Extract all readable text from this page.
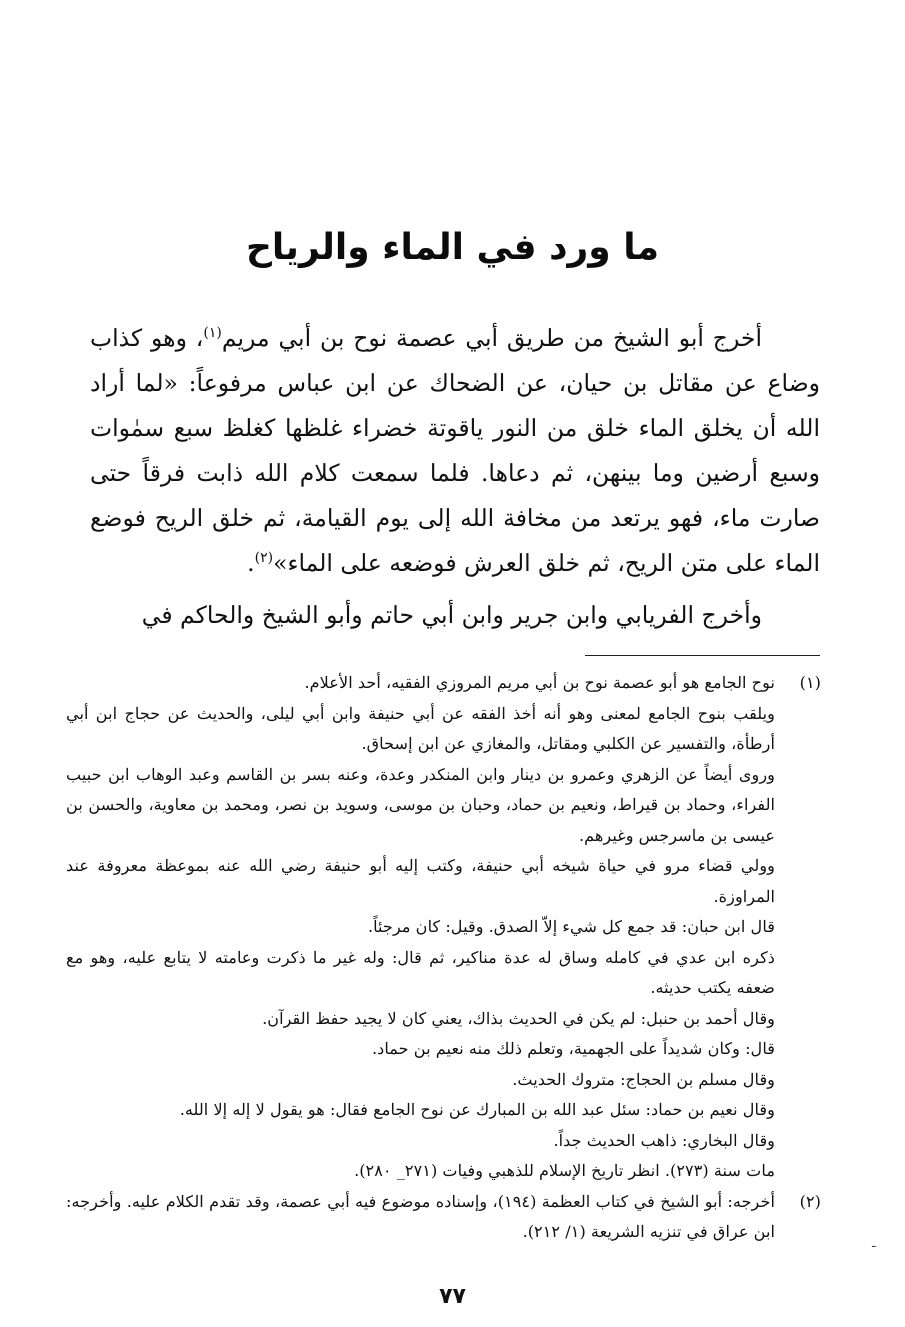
ما ورد في الماء والرياح

أخرج أبو الشيخ من طريق أبي عصمة نوح بن أبي مريم$^{(١)}$، وهو كذاب وضاع عن مقاتل بن حيان، عن الضحاك عن ابن عباس مرفوعاً: «لما أراد الله أن يخلق الماء خلق من النور ياقوتة خضراء غلظها كغلظ سبع سمٰوات وسبع أرضين وما بينهن، ثم دعاها. فلما سمعت كلام الله ذابت فرقاً حتى صارت ماء، فهو يرتعد من مخافة الله إلى يوم القيامة، ثم خلق الريح فوضع الماء على متن الريح، ثم خلق العرش فوضعه على الماء»$^{(٢)}$.

وأخرج الفريابي وابن جرير وابن أبي حاتم وأبو الشيخ والحاكم في

(١)

نوح الجامع هو أبو عصمة نوح بن أبي مريم المروزي الفقيه، أحد الأعلام.

ويلقب بنوح الجامع لمعنى وهو أنه أخذ الفقه عن أبي حنيفة وابن أبي ليلى، والحديث عن حجاج ابن أبي أرطأة، والتفسير عن الكلبي ومقاتل، والمغازي عن ابن إسحاق.

وروى أيضاً عن الزهري وعمرو بن دينار وابن المنكدر وعدة، وعنه بسر بن القاسم وعبد الوهاب ابن حبيب الفراء، وحماد بن قيراط، ونعيم بن حماد، وحبان بن موسى، وسويد بن نصر، ومحمد بن معاوية، والحسن بن عيسى بن ماسرجس وغيرهم.

وولي قضاء مرو في حياة شيخه أبي حنيفة، وكتب إليه أبو حنيفة رضي الله عنه بموعظة معروفة عند المراوزة.

قال ابن حبان: قد جمع كل شيء إلاّ الصدق. وقيل: كان مرجئاً.

ذكره ابن عدي في كامله وساق له عدة مناكير، ثم قال: وله غير ما ذكرت وعامته لا يتابع عليه، وهو مع ضعفه يكتب حديثه.

وقال أحمد بن حنبل: لم يكن في الحديث بذاك، يعني كان لا يجيد حفظ القرآن.

قال: وكان شديداً على الجهمية، وتعلم ذلك منه نعيم بن حماد.

وقال مسلم بن الحجاج: متروك الحديث.

وقال نعيم بن حماد: سئل عبد الله بن المبارك عن نوح الجامع فقال: هو يقول لا إله إلا الله.

وقال البخاري: ذاهب الحديث جداً.

مات سنة (٢٧٣). انظر تاريخ الإسلام للذهبي وفيات (٢٧١_ ٢٨٠).

(٢)

أخرجه: أبو الشيخ في كتاب العظمة (١٩٤)، وإسناده موضوع فيه أبي عصمة، وقد تقدم الكلام عليه. وأخرجه: ابن عراق في تنزيه الشريعة (١/ ٢١٢).

ـ
٧٧
